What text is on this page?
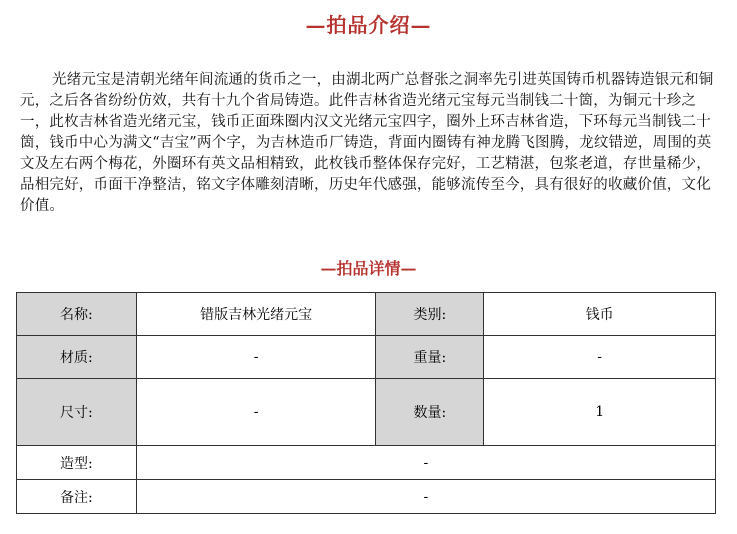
—拍品介绍—
光绪元宝是清朝光绪年间流通的货币之一，由湖北两广总督张之洞率先引进英国铸币机器铸造银元和铜元，之后各省纷纷仿效，共有十九个省局铸造。此件吉林省造光绪元宝每元当制钱二十箇，为铜元十珍之一，此枚吉林省造光绪元宝，钱币正面珠圈内汉文光绪元宝四字，圈外上环吉林省造，下环每元当制钱二十箇，钱币中心为满文“吉宝”两个字，为吉林造币厂铸造，背面内圈铸有神龙腾飞图腾，龙纹错逆，周围的英文及左右两个梅花，外圈环有英文品相精致，此枚钱币整体保存完好，工艺精湛，包浆老道，存世量稀少，品相完好，币面干净整洁，铭文字体雕刻清晰，历史年代感强，能够流传至今，具有很好的收藏价值，文化价值。
—拍品详情—
名称:	错版吉林光绪元宝	类别:	钱币
材质:	-	重量:	-
尺寸:	-	数量:	1
造型:	-		
备注:	-		
